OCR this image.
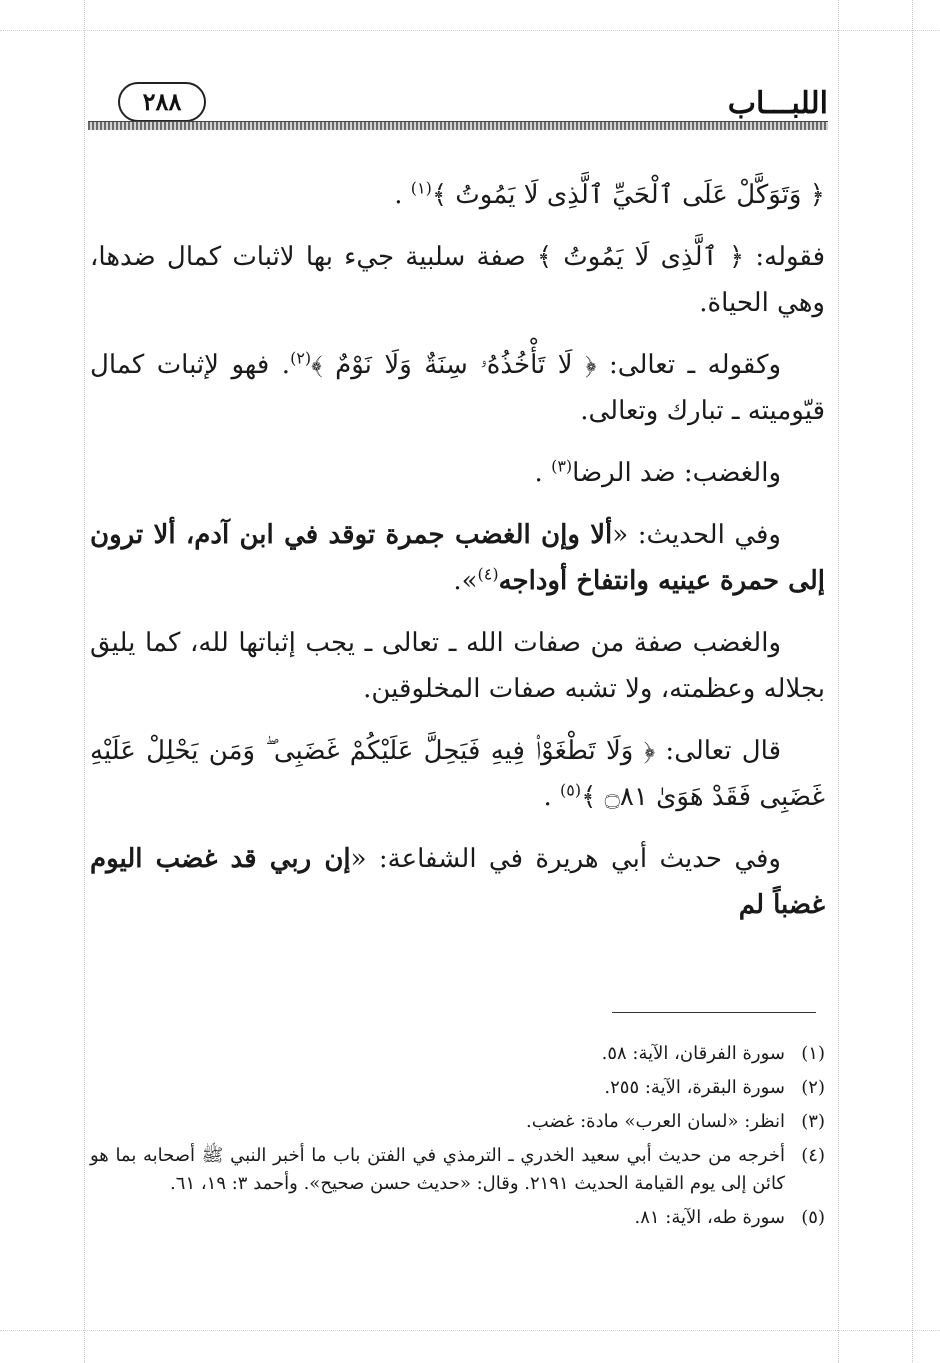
اللبـــاب
٢٨٨

﴿ وَتَوَكَّلْ عَلَى ٱلْحَيِّ ٱلَّذِى لَا يَمُوتُ ﴾$^{(١)}$ .

فقوله: ﴿ ٱلَّذِى لَا يَمُوتُ ﴾ صفة سلبية جيء بها لاثبات كمال ضدها، وهي الحياة.

وكقوله ـ تعالى: ﴿ لَا تَأْخُذُهُۥ سِنَةٌ وَلَا نَوْمٌ ﴾$^{(٢)}$. فهو لإثبات كمال قيّوميته ـ تبارك وتعالى.

والغضب: ضد الرضا$^{(٣)}$ .

وفي الحديث: «ألا وإن الغضب جمرة توقد في ابن آدم، ألا ترون إلى حمرة عينيه وانتفاخ أوداجه$^{(٤)}$».

والغضب صفة من صفات الله ـ تعالى ـ يجب إثباتها لله، كما يليق بجلاله وعظمته، ولا تشبه صفات المخلوقين.

قال تعالى: ﴿ وَلَا تَطْغَوْا۟ فِيهِ فَيَحِلَّ عَلَيْكُمْ غَضَبِى ۖ وَمَن يَحْلِلْ عَلَيْهِ غَضَبِى فَقَدْ هَوَىٰ ۝٨١ ﴾$^{(٥)}$ .

وفي حديث أبي هريرة في الشفاعة: «إن ربي قد غضب اليوم غضباً لم

(١)
سورة الفرقان، الآية: ٥٨.
(٢)
سورة البقرة، الآية: ٢٥٥.
(٣)
انظر: «لسان العرب» مادة: غضب.
(٤)
أخرجه من حديث أبي سعيد الخدري ـ الترمذي في الفتن باب ما أخبر النبي ﷺ أصحابه بما هو كائن إلى يوم القيامة الحديث ٢١٩١. وقال: «حديث حسن صحيح». وأحمد ٣: ١٩، ٦١.
(٥)
سورة طه، الآية: ٨١.
